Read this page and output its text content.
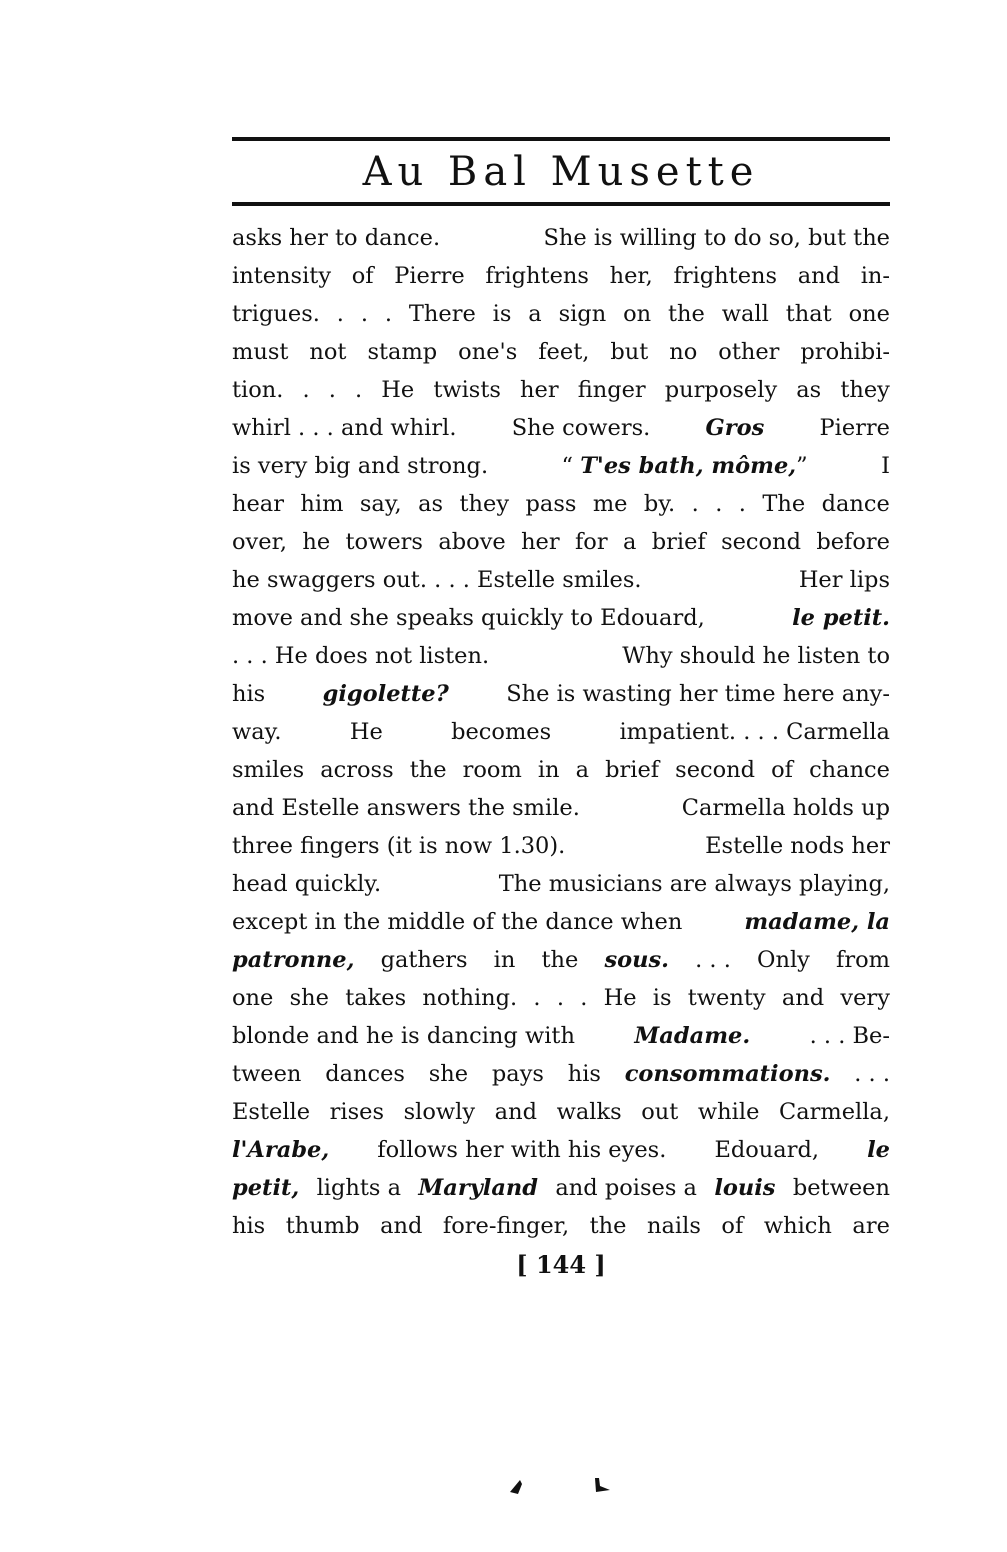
Au Bal Musette
asks her to dance.	She is willing to do so, but the
intensity of Pierre frightens her, frightens and in-
trigues. . . . There is a sign on the wall that one
must not stamp one's feet, but no other prohibi-
tion. . . . He twists her finger purposely as they
whirl . . . and whirl. She cowers. Gros Pierre
is very big and strong.	“ T'es bath, môme,”	I
hear him say, as they pass me by. . . . The dance
over, he towers above her for a brief second before
he swaggers out. . . . Estelle smiles.	Her lips
move and she speaks quickly to Edouard,	le petit.
. . . He does not listen.	Why should he listen to
his	gigolette?	She is wasting her time here any-
way.	He	becomes	impatient. . . . Carmella
smiles across the room in a brief second of chance
and Estelle answers the smile.	Carmella holds up
three fingers (it is now 1.30).	Estelle nods her
head quickly.	The musicians are always playing,
except in the middle of the dance when	madame, la
patronne, gathers in the sous. . . . Only from
one she takes nothing. . . . He is twenty and very
blonde and he is dancing with	Madame.	. . . Be-
tween dances she pays his consommations. . . .
Estelle rises slowly and walks out while Carmella,
l'Arabe, follows her with his eyes. Edouard, le
petit, lights a Maryland and poises a louis between
his thumb and fore-finger, the nails of which are
[ 144 ]
